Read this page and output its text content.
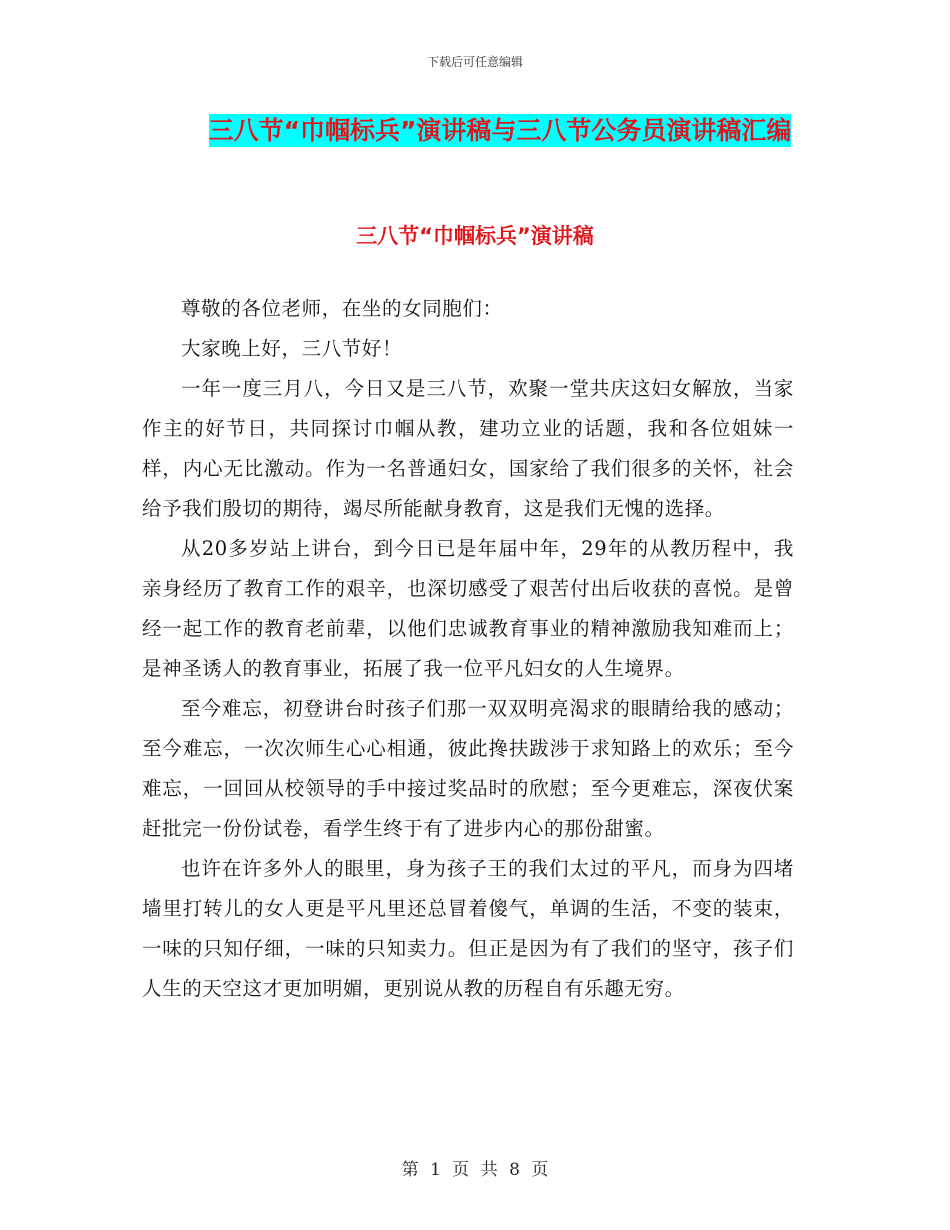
下载后可任意编辑
三八节“巾帼标兵”演讲稿与三八节公务员演讲稿汇编
三八节“巾帼标兵”演讲稿

尊敬的各位老师，在坐的女同胞们：

大家晚上好，三八节好！

一年一度三月八，今日又是三八节，欢聚一堂共庆这妇女解放，当家作主的好节日，共同探讨巾帼从教，建功立业的话题，我和各位姐妹一样，内心无比激动。作为一名普通妇女，国家给了我们很多的关怀，社会给予我们殷切的期待，竭尽所能献身教育，这是我们无愧的选择。

从20多岁站上讲台，到今日已是年届中年，29年的从教历程中，我亲身经历了教育工作的艰辛，也深切感受了艰苦付出后收获的喜悦。是曾经一起工作的教育老前辈，以他们忠诚教育事业的精神激励我知难而上；是神圣诱人的教育事业，拓展了我一位平凡妇女的人生境界。

至今难忘，初登讲台时孩子们那一双双明亮渴求的眼睛给我的感动；至今难忘，一次次师生心心相通，彼此搀扶跋涉于求知路上的欢乐；至今难忘，一回回从校领导的手中接过奖品时的欣慰；至今更难忘，深夜伏案赶批完一份份试卷，看学生终于有了进步内心的那份甜蜜。

也许在许多外人的眼里，身为孩子王的我们太过的平凡，而身为四堵墙里打转儿的女人更是平凡里还总冒着傻气，单调的生活，不变的装束，一味的只知仔细，一味的只知卖力。但正是因为有了我们的坚守，孩子们人生的天空这才更加明媚，更别说从教的历程自有乐趣无穷。

第 1 页 共 8 页
